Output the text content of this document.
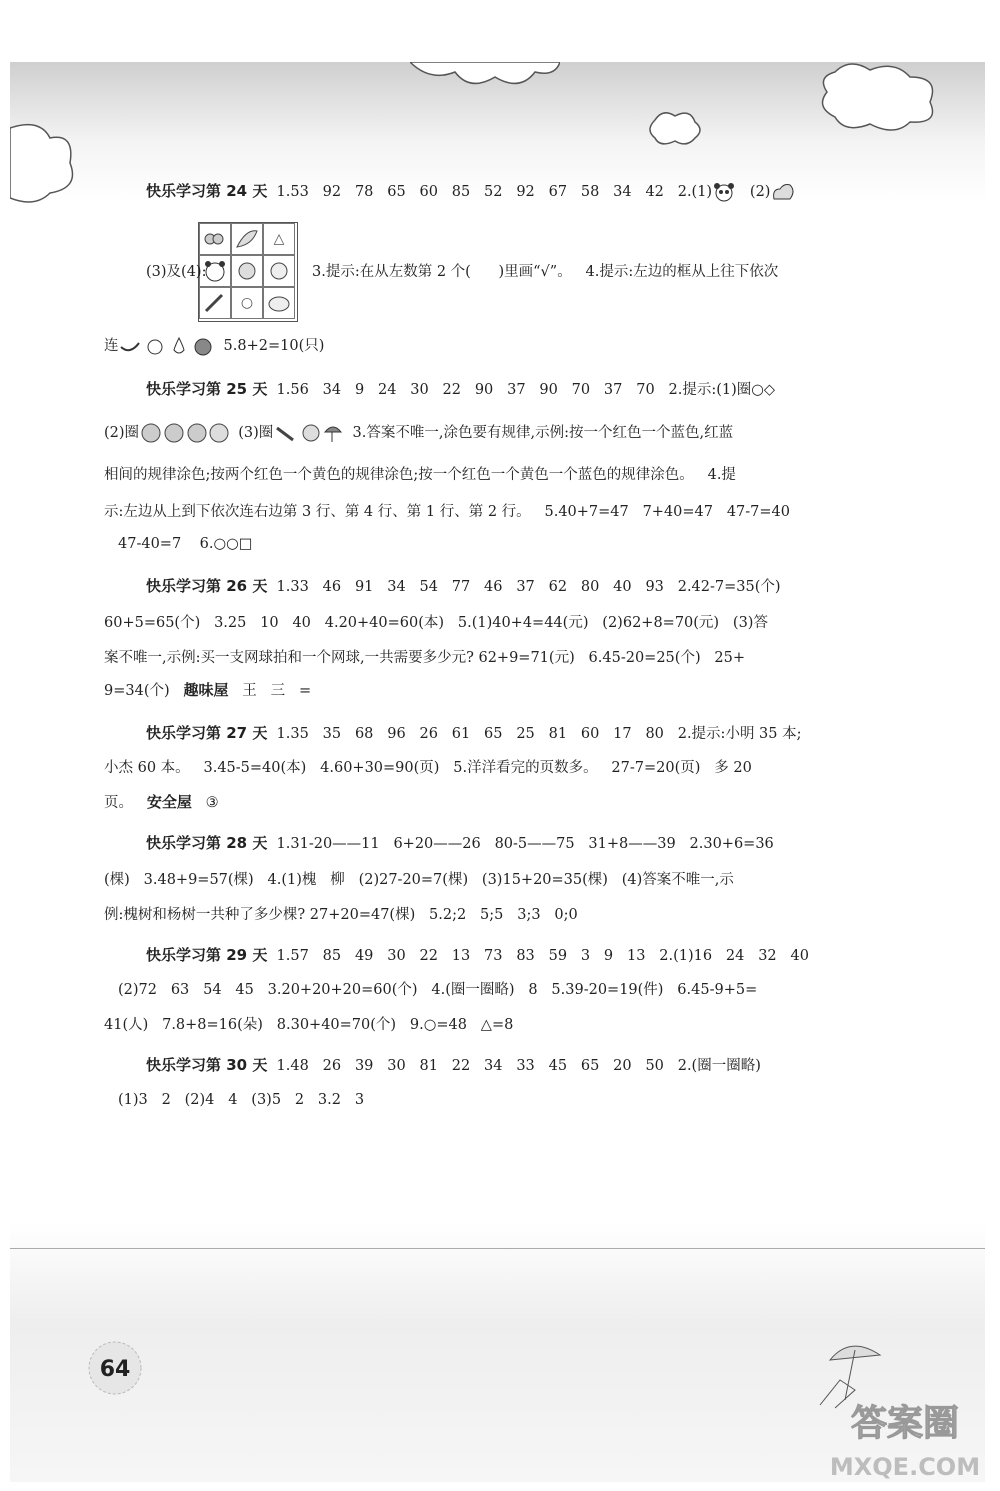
快乐学习第 24 天 1.53   92   78   65   60   85   52   92   67   58   34   42   2.(1)   (2)
△
○
(3)及(4):	3.提示:在从左数第 2 个(      )里画“√”。   4.提示:左边的框从上往下依次
连	5.8+2=10(只)
快乐学习第 25 天 1.56   34   9   24   30   22   90   37   90   70   37   70   2.提示:(1)圈○◇
(2)圈	(3)圈	3.答案不唯一,涂色要有规律,示例:按一个红色一个蓝色,红蓝
相间的规律涂色;按两个红色一个黄色的规律涂色;按一个红色一个黄色一个蓝色的规律涂色。   4.提
示:左边从上到下依次连右边第 3 行、第 4 行、第 1 行、第 2 行。   5.40+7=47   7+40=47   47-7=40
47-40=7    6.○○□
快乐学习第 26 天 1.33   46   91   34   54   77   46   37   62   80   40   93   2.42-7=35(个)
60+5=65(个)   3.25   10   40   4.20+40=60(本)   5.(1)40+4=44(元)   (2)62+8=70(元)   (3)答
案不唯一,示例:买一支网球拍和一个网球,一共需要多少元? 62+9=71(元)   6.45-20=25(个)   25+
9=34(个)   趣味屋   王   三   =
快乐学习第 27 天 1.35   35   68   96   26   61   65   25   81   60   17   80   2.提示:小明 35 本;
小杰 60 本。   3.45-5=40(本)   4.60+30=90(页)   5.洋洋看完的页数多。   27-7=20(页)   多 20
页。   安全屋   ③
快乐学习第 28 天 1.31-20——11   6+20——26   80-5——75   31+8——39   2.30+6=36
(棵)   3.48+9=57(棵)   4.(1)槐   柳   (2)27-20=7(棵)   (3)15+20=35(棵)   (4)答案不唯一,示
例:槐树和杨树一共种了多少棵? 27+20=47(棵)   5.2;2   5;5   3;3   0;0
快乐学习第 29 天 1.57   85   49   30   22   13   73   83   59   3   9   13   2.(1)16   24   32   40
(2)72   63   54   45   3.20+20+20=60(个)   4.(圈一圈略)   8   5.39-20=19(件)   6.45-9+5=
41(人)   7.8+8=16(朵)   8.30+40=70(个)   9.○=48   △=8
快乐学习第 30 天 1.48   26   39   30   81   22   34   33   45   65   20   50   2.(圈一圈略)
(1)3   2   (2)4   4   (3)5   2   3.2   3
64
答案圈
MXQE.COM
